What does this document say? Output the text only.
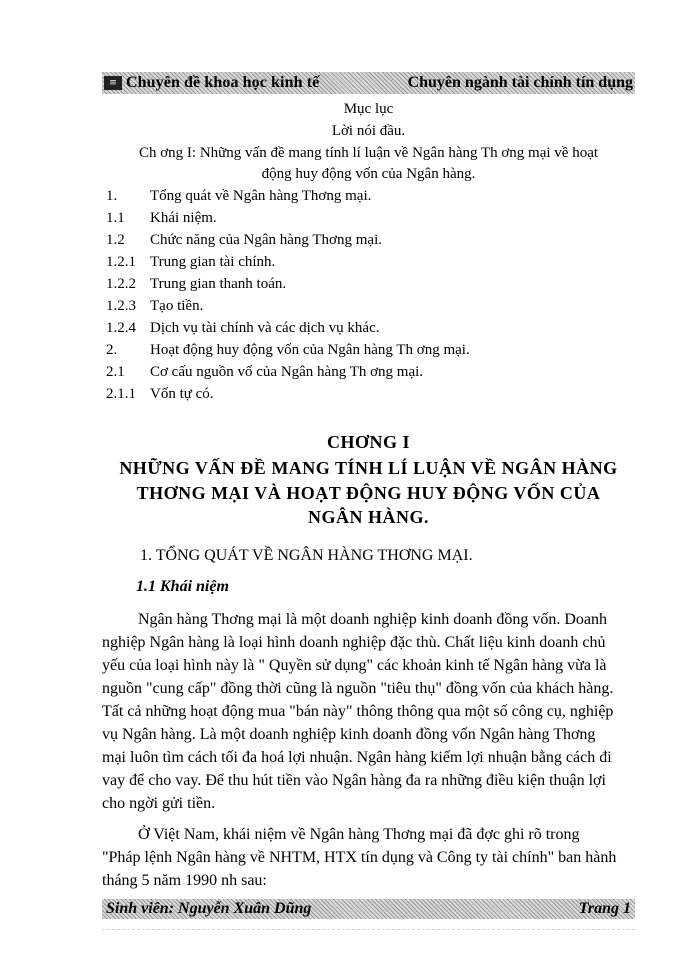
≡ Chuyên đề khoa học kinh tế	Chuyên ngành tài chính tín dụng
Mục lục
Lời nói đầu.
Ch ơng I: Những vấn đề mang tính lí luận về Ngân hàng Th ơng mại về hoạt
động huy động vốn của Ngân hàng.
1. Tổng quát về Ngân hàng Thơng mại.
1.1 Khái niệm.
1.2 Chức năng của Ngân hàng Thơng mại.
1.2.1 Trung gian tài chính.
1.2.2 Trung gian thanh toán.
1.2.3 Tạo tiền.
1.2.4 Dịch vụ tài chính và các dịch vụ khác.
2. Hoạt động huy động vốn của Ngân hàng Th ơng mại.
2.1 Cơ cấu nguồn vố của Ngân hàng Th ơng mại.
2.1.1 Vốn tự có.
CHƠNG I
NHỮNG VẤN ĐỀ MANG TÍNH LÍ LUẬN VỀ NGÂN HÀNG
THƠNG MẠI VÀ HOẠT ĐỘNG HUY ĐỘNG VỐN CỦA
NGÂN HÀNG.
1. TỔNG QUÁT VỀ NGÂN HÀNG THƠNG MẠI.
1.1 Khái niệm
Ngân hàng Thơng mại là một doanh nghiệp kinh doanh đồng vốn. Doanh
nghiệp Ngân hàng là loại hình doanh nghiệp đặc thù. Chất liệu kinh doanh chủ
yếu của loại hình này là " Quyền sử dụng" các khoản kinh tế Ngân hàng vừa là
nguồn "cung cấp" đồng thời cũng là nguồn "tiêu thụ" đồng vốn của khách hàng.
Tất cả những hoạt động mua "bán này" thông thông qua một số công cụ, nghiệp
vụ Ngân hàng. Là một doanh nghiệp kinh doanh đồng vốn Ngân hàng Thơng
mại luôn tìm cách tối đa hoá lợi nhuận. Ngân hàng kiếm lợi nhuận bằng cách đi
vay để cho vay. Để thu hút tiền vào Ngân hàng đa ra những điều kiện thuận lợi
cho ngời gửi tiền.
Ở Việt Nam, khái niệm về Ngân hàng Thơng mại đã đợc ghi rõ trong
"Pháp lệnh Ngân hàng về NHTM, HTX tín dụng và Công ty tài chính" ban hành
tháng 5 năm 1990 nh sau:
Sinh viên: Nguyễn Xuân Dũng	Trang 1
